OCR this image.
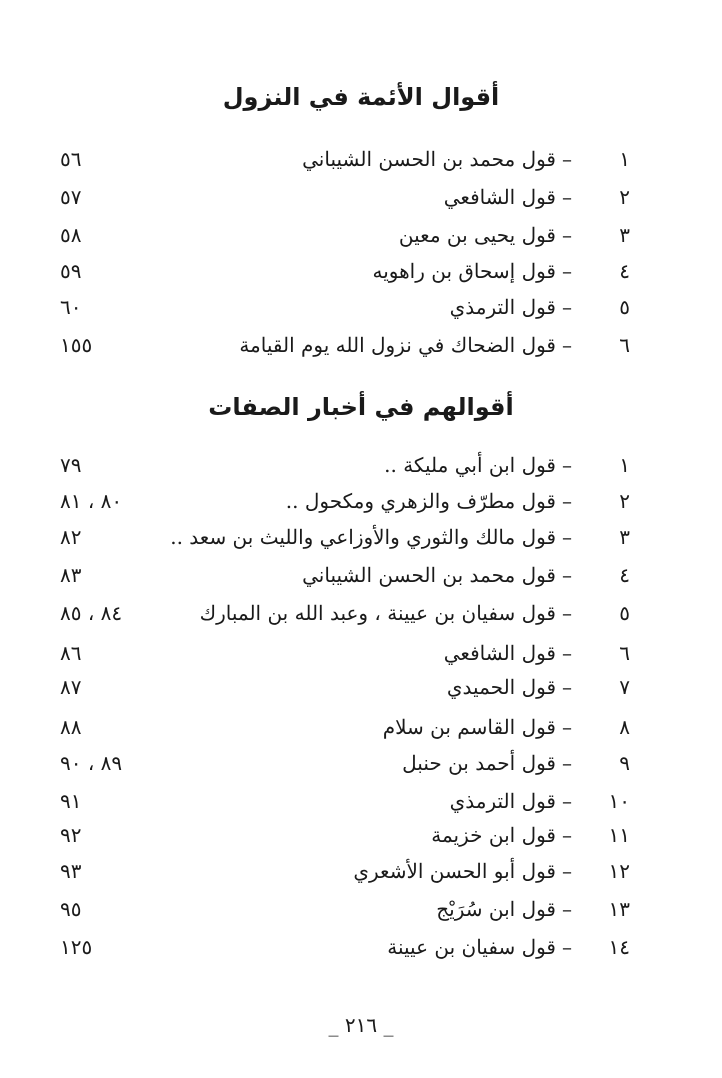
أقوال الأئمة في النزول
١
–
قول محمد بن الحسن الشيباني
٥٦
٢
–
قول الشافعي
٥٧
٣
–
قول يحيى بن معين
٥٨
٤
–
قول إسحاق بن راهويه
٥٩
٥
–
قول الترمذي
٦٠
٦
–
قول الضحاك في نزول الله يوم القيامة
١٥٥
أقوالهم في أخبار الصفات
١
–
قول ابن أبي مليكة ..
٧٩
٢
–
قول مطرّف والزهري ومكحول ..
٨٠ ، ٨١
٣
–
قول مالك والثوري والأوزاعي والليث بن سعد ..
٨٢
٤
–
قول محمد بن الحسن الشيباني
٨٣
٥
–
قول سفيان بن عيينة ، وعبد الله بن المبارك
٨٤ ، ٨٥
٦
–
قول الشافعي
٨٦
٧
–
قول الحميدي
٨٧
٨
–
قول القاسم بن سلام
٨٨
٩
–
قول أحمد بن حنبل
٨٩ ، ٩٠
١٠
–
قول الترمذي
٩١
١١
–
قول ابن خزيمة
٩٢
١٢
–
قول أبو الحسن الأشعري
٩٣
١٣
–
قول ابن سُرَيْج
٩٥
١٤
–
قول سفيان بن عيينة
١٢٥
_ ٢١٦ _
